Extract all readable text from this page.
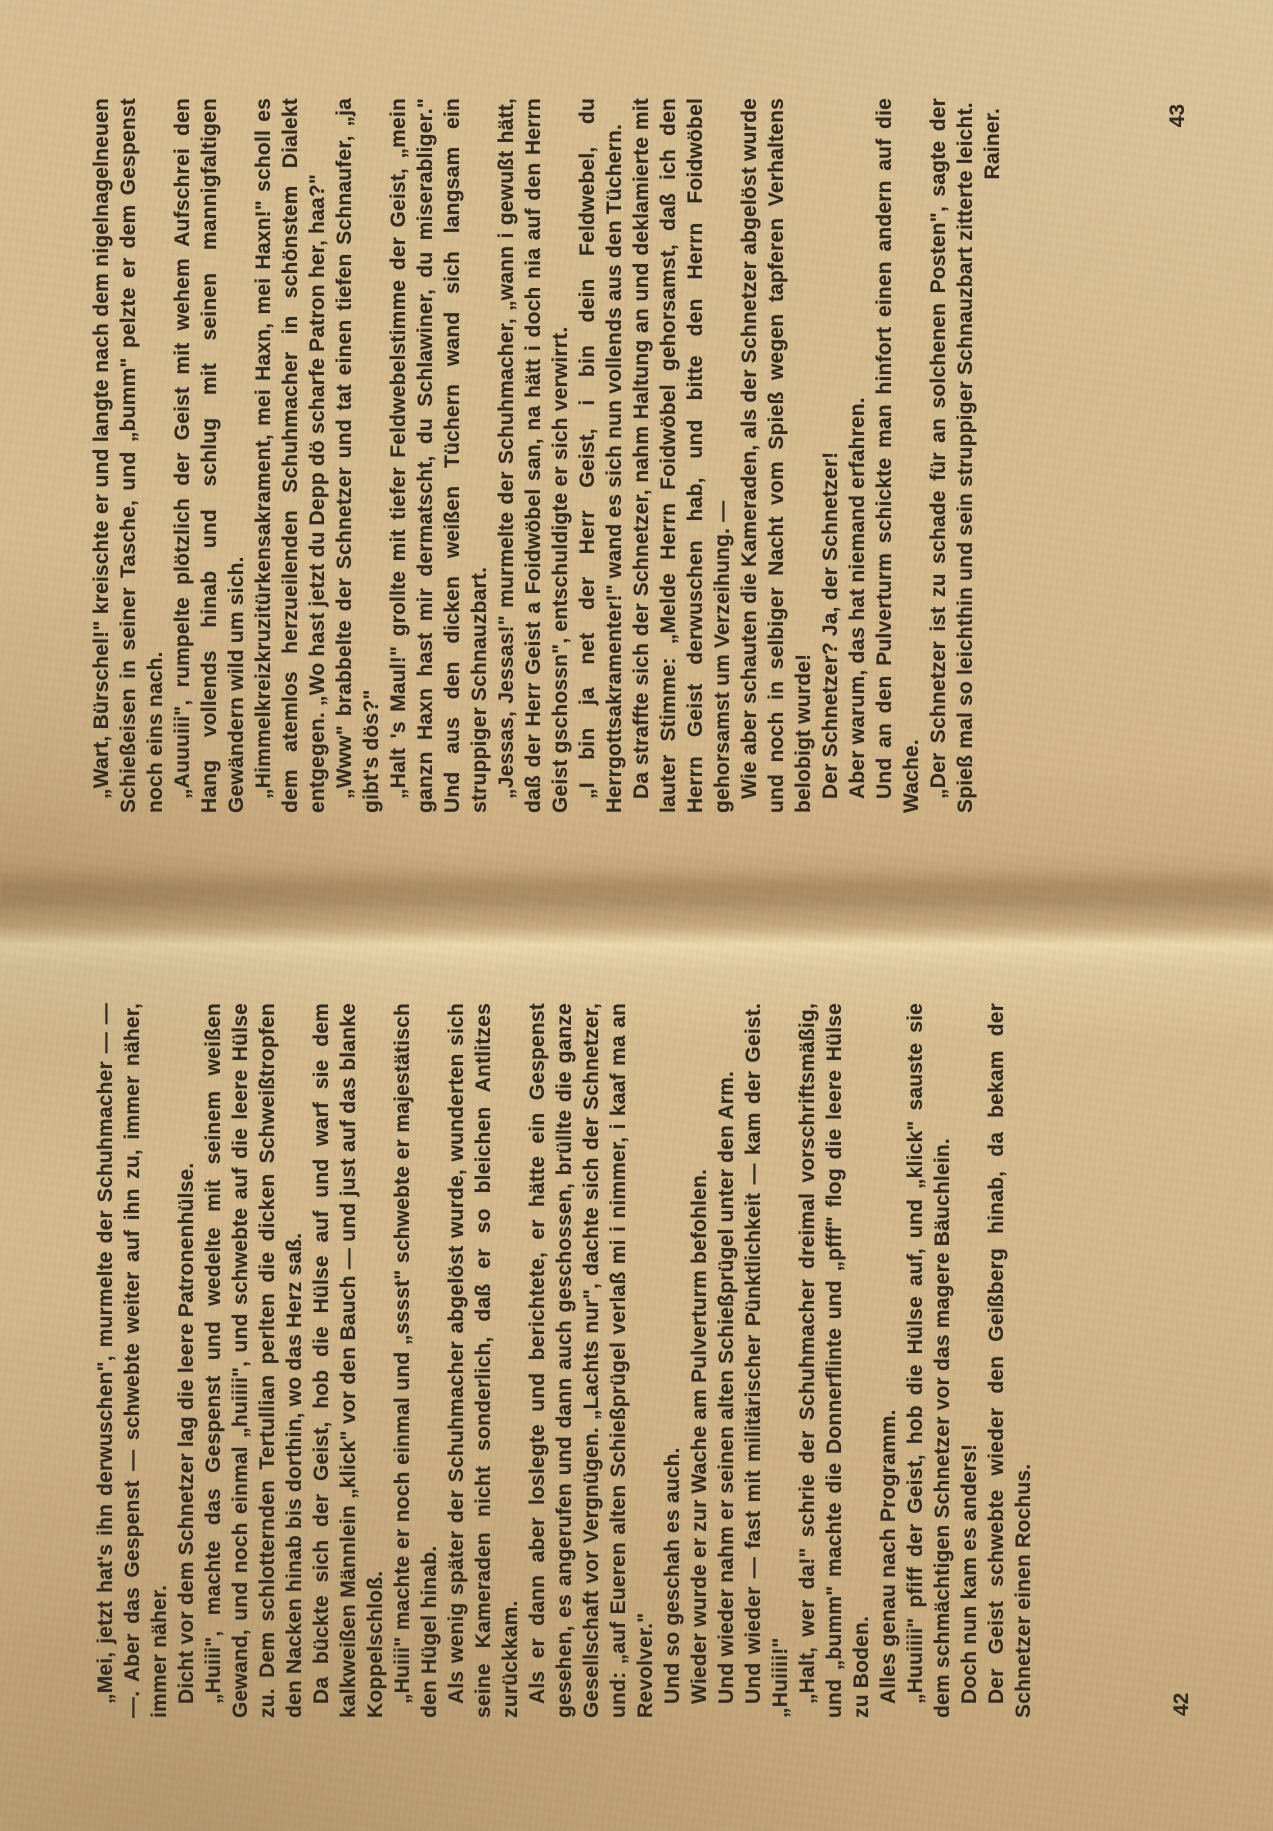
„Wart, Bürschel!" kreischte er und langte nach dem nigelnagelneuen Schießeisen in seiner Tasche, und „bumm" pelzte er dem Gespenst noch eins nach. „Auuuiii", rumpelte plötzlich der Geist mit wehem Aufschrei den Hang vollends hinab und schlug mit seinen mannigfaltigen Gewändern wild um sich. „Himmelkreizkruzitürkensakrament, mei Haxn, mei Haxn!" scholl es dem atemlos herzueilenden Schuhmacher in schönstem Dialekt entgegen. „Wo hast jetzt du Depp dö scharfe Patron her, haa?" „Www" brabbelte der Schnetzer und tat einen tiefen Schnaufer, „ja gibt's dös?" „Halt 's Maul!" grollte mit tiefer Feldwebelstimme der Geist, „mein ganzn Haxn hast mir dermatscht, du Schlawiner, du miserabliger." Und aus den dicken weißen Tüchern wand sich langsam ein struppiger Schnauzbart. „Jessas, Jessas!" murmelte der Schuhmacher, „wann i gewußt hätt, daß der Herr Geist a Foidwöbel san, na hätt i doch nia auf den Herrn Geist gschossn", entschuldigte er sich verwirrt. „I bin ja net der Herr Geist, i bin dein Feldwebel, du Herrgottsakramenter!" wand es sich nun vollends aus den Tüchern. Da straffte sich der Schnetzer, nahm Haltung an und deklamierte mit lauter Stimme: „Melde Herrn Foidwöbel gehorsamst, daß ich den Herrn Geist derwuschen hab, und bitte den Herrn Foidwöbel gehorsamst um Verzeihung. — Wie aber schauten die Kameraden, als der Schnetzer abgelöst wurde und noch in selbiger Nacht vom Spieß wegen tapferen Verhaltens belobigt wurde! Der Schnetzer? Ja, der Schnetzer! Aber warum, das hat niemand erfahren. Und an den Pulverturm schickte man hinfort einen andern auf die Wache. „Der Schnetzer ist zu schade für an solchenen Posten", sagte der Spieß mal so leichthin und sein struppiger Schnauzbart zitterte leicht. Rainer.	43

„Mei, jetzt hat's ihn derwuschen", murmelte der Schuhmacher — — —. Aber das Gespenst — schwebte weiter auf ihn zu, immer näher, immer näher. Dicht vor dem Schnetzer lag die leere Patronenhülse. „Huiii", machte das Gespenst und wedelte mit seinem weißen Gewand, und noch einmal „huiiii", und schwebte auf die leere Hülse zu. Dem schlotternden Tertullian perlten die dicken Schweißtropfen den Nacken hinab bis dorthin, wo das Herz saß. Da bückte sich der Geist, hob die Hülse auf und warf sie dem kalkweißen Männlein „klick" vor den Bauch — und just auf das blanke Koppelschloß. „Huiii" machte er noch einmal und „sssst" schwebte er majestätisch den Hügel hinab. Als wenig später der Schuhmacher abgelöst wurde, wunderten sich seine Kameraden nicht sonderlich, daß er so bleichen Antlitzes zurückkam. Als er dann aber loslegte und berichtete, er hätte ein Gespenst gesehen, es angerufen und dann auch geschossen, brüllte die ganze Gesellschaft vor Vergnügen. „Lachts nur", dachte sich der Schnetzer, und: „auf Eueren alten Schießprügel verlaß mi i nimmer, i kaaf ma an Revolver." Und so geschah es auch. Wieder wurde er zur Wache am Pulverturm befohlen. Und wieder nahm er seinen alten Schießprügel unter den Arm. Und wieder — fast mit militärischer Pünktlichkeit — kam der Geist. „Huiiii!" „Halt, wer da!" schrie der Schuhmacher dreimal vorschriftsmäßig, und „bumm" machte die Donnerflinte und „pfff" flog die leere Hülse zu Boden. Alles genau nach Programm. „Huuiiii" pfiff der Geist, hob die Hülse auf, und „klick" sauste sie dem schmächtigen Schnetzer vor das magere Bäuchlein. Doch nun kam es anders! Der Geist schwebte wieder den Geißberg hinab, da bekam der Schnetzer einen Rochus.	42
